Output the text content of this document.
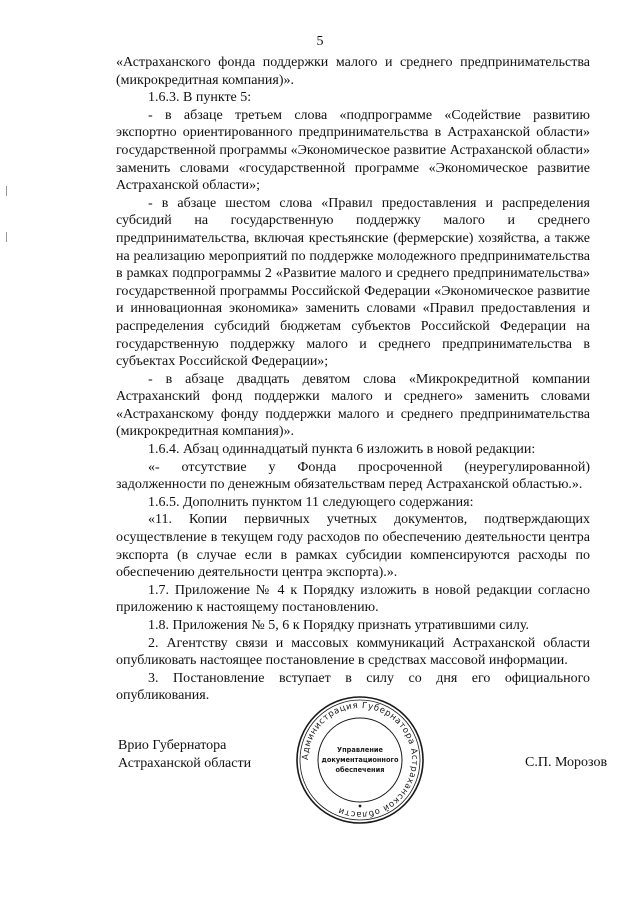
5

«Астраханского фонда поддержки малого и среднего предпринимательства (микрокредитная компания)».

1.6.3. В пункте 5:

- в абзаце третьем слова «подпрограмме «Содействие развитию экспортно ориентированного предпринимательства в Астраханской области» государственной программы «Экономическое развитие Астраханской области» заменить словами «государственной программе «Экономическое развитие Астраханской области»;

- в абзаце шестом слова «Правил предоставления и распределения субсидий на государственную поддержку малого и среднего предпринимательства, включая крестьянские (фермерские) хозяйства, а также на реализацию мероприятий по поддержке молодежного предпринимательства в рамках подпрограммы 2 «Развитие малого и среднего предпринимательства» государственной программы Российской Федерации «Экономическое развитие и инновационная экономика» заменить словами «Правил предоставления и распределения субсидий бюджетам субъектов Российской Федерации на государственную поддержку малого и среднего предпринимательства в субъектах Российской Федерации»;

- в абзаце двадцать девятом слова «Микрокредитной компании Астраханский фонд поддержки малого и среднего» заменить словами «Астраханскому фонду поддержки малого и среднего предпринимательства (микрокредитная компания)».

1.6.4. Абзац одиннадцатый пункта 6 изложить в новой редакции:

«- отсутствие у Фонда просроченной (неурегулированной) задолженности по денежным обязательствам перед Астраханской областью.».

1.6.5. Дополнить пунктом 11 следующего содержания:

«11. Копии первичных учетных документов, подтверждающих осуществление в текущем году расходов по обеспечению деятельности центра экспорта (в случае если в рамках субсидии компенсируются расходы по обеспечению деятельности центра экспорта).».

1.7. Приложение № 4 к Порядку изложить в новой редакции согласно приложению к настоящему постановлению.

1.8. Приложения № 5, 6 к Порядку признать утратившими силу.

2. Агентству связи и массовых коммуникаций Астраханской области опубликовать настоящее постановление в средствах массовой информации.

3. Постановление вступает в силу со дня его официального опубликования.

Врио Губернатора
Астраханской области	Администрация Губернатора Астраханской области
Управление
документационного
обеспечения	С.П. Морозов
